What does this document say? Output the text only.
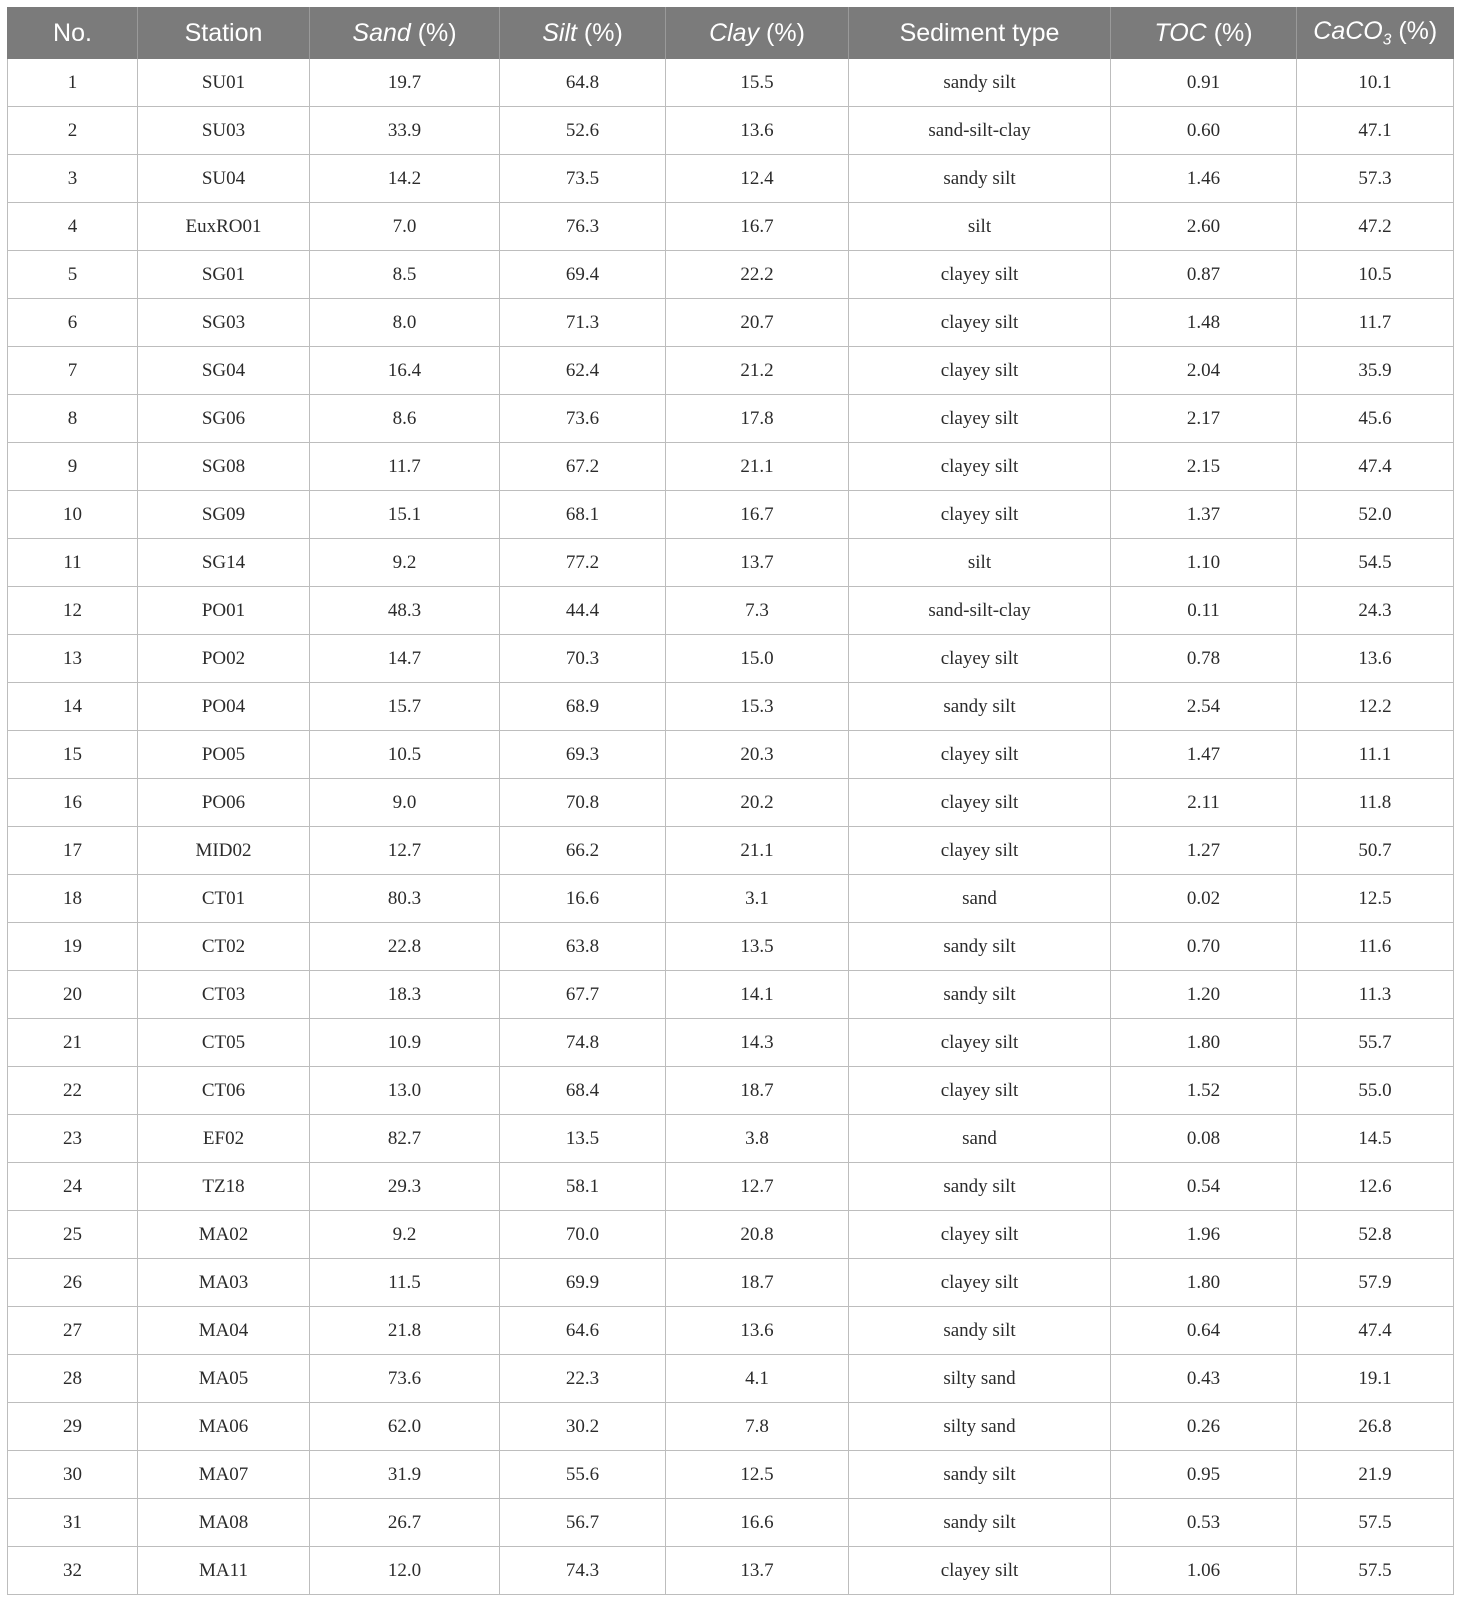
No.	Station	Sand (%)	Silt (%)	Clay (%)	Sediment type	TOC (%)	CaCO$_3$ (%)
1	SU01	19.7	64.8	15.5	sandy silt	0.91	10.1
2	SU03	33.9	52.6	13.6	sand-silt-clay	0.60	47.1
3	SU04	14.2	73.5	12.4	sandy silt	1.46	57.3
4	EuxRO01	7.0	76.3	16.7	silt	2.60	47.2
5	SG01	8.5	69.4	22.2	clayey silt	0.87	10.5
6	SG03	8.0	71.3	20.7	clayey silt	1.48	11.7
7	SG04	16.4	62.4	21.2	clayey silt	2.04	35.9
8	SG06	8.6	73.6	17.8	clayey silt	2.17	45.6
9	SG08	11.7	67.2	21.1	clayey silt	2.15	47.4
10	SG09	15.1	68.1	16.7	clayey silt	1.37	52.0
11	SG14	9.2	77.2	13.7	silt	1.10	54.5
12	PO01	48.3	44.4	7.3	sand-silt-clay	0.11	24.3
13	PO02	14.7	70.3	15.0	clayey silt	0.78	13.6
14	PO04	15.7	68.9	15.3	sandy silt	2.54	12.2
15	PO05	10.5	69.3	20.3	clayey silt	1.47	11.1
16	PO06	9.0	70.8	20.2	clayey silt	2.11	11.8
17	MID02	12.7	66.2	21.1	clayey silt	1.27	50.7
18	CT01	80.3	16.6	3.1	sand	0.02	12.5
19	CT02	22.8	63.8	13.5	sandy silt	0.70	11.6
20	CT03	18.3	67.7	14.1	sandy silt	1.20	11.3
21	CT05	10.9	74.8	14.3	clayey silt	1.80	55.7
22	CT06	13.0	68.4	18.7	clayey silt	1.52	55.0
23	EF02	82.7	13.5	3.8	sand	0.08	14.5
24	TZ18	29.3	58.1	12.7	sandy silt	0.54	12.6
25	MA02	9.2	70.0	20.8	clayey silt	1.96	52.8
26	MA03	11.5	69.9	18.7	clayey silt	1.80	57.9
27	MA04	21.8	64.6	13.6	sandy silt	0.64	47.4
28	MA05	73.6	22.3	4.1	silty sand	0.43	19.1
29	MA06	62.0	30.2	7.8	silty sand	0.26	26.8
30	MA07	31.9	55.6	12.5	sandy silt	0.95	21.9
31	MA08	26.7	56.7	16.6	sandy silt	0.53	57.5
32	MA11	12.0	74.3	13.7	clayey silt	1.06	57.5
